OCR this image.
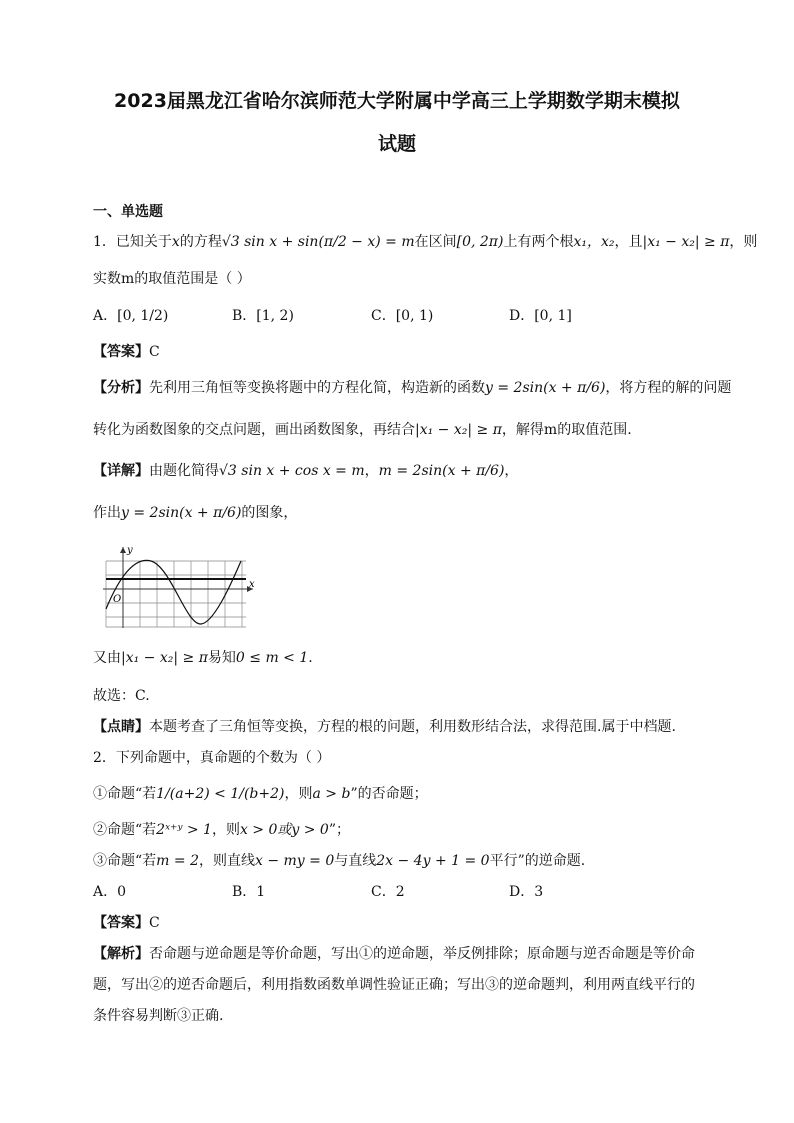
2023届黑龙江省哈尔滨师范大学附属中学高三上学期数学期末模拟
试题
一、单选题
1．已知关于x的方程√3 sin x + sin(π/2 − x) = m在区间[0, 2π)上有两个根x₁，x₂，且|x₁ − x₂| ≥ π，则
实数m的取值范围是（ ）
A．[0, 1/2)	B．[1, 2)	C．[0, 1)	D．[0, 1]
【答案】C
【分析】先利用三角恒等变换将题中的方程化简，构造新的函数y = 2sin(x + π/6)，将方程的解的问题
转化为函数图象的交点问题，画出函数图象，再结合|x₁ − x₂| ≥ π，解得m的取值范围.
【详解】由题化简得√3 sin x + cos x = m，m = 2sin(x + π/6)，
作出y = 2sin(x + π/6)的图象，
y
x
O
又由|x₁ − x₂| ≥ π易知0 ≤ m < 1.
故选：C.
【点睛】本题考查了三角恒等变换，方程的根的问题，利用数形结合法，求得范围.属于中档题.
2．下列命题中，真命题的个数为（ ）
①命题“若1/(a+2) < 1/(b+2)，则a > b”的否命题；
②命题“若2ˣ⁺ʸ > 1，则x > 0或y > 0”；
③命题“若m = 2，则直线x − my = 0与直线2x − 4y + 1 = 0平行”的逆命题.
A．0	B．1	C．2	D．3
【答案】C
【解析】否命题与逆命题是等价命题，写出①的逆命题，举反例排除；原命题与逆否命题是等价命
题，写出②的逆否命题后，利用指数函数单调性验证正确；写出③的逆命题判，利用两直线平行的
条件容易判断③正确.
